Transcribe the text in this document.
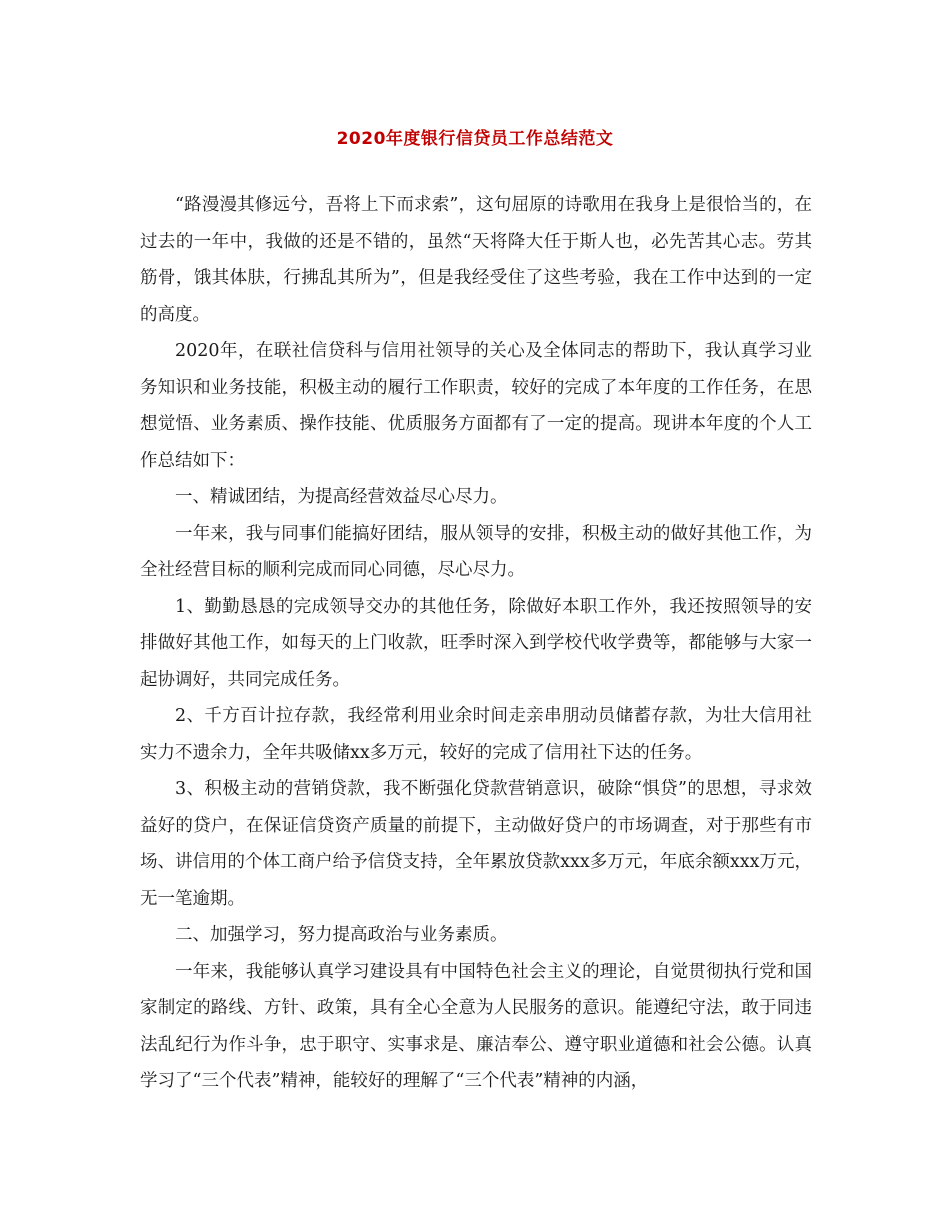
2020年度银行信贷员工作总结范文

“路漫漫其修远兮，吾将上下而求索”，这句屈原的诗歌用在我身上是很恰当的，在过去的一年中，我做的还是不错的，虽然“天将降大任于斯人也，必先苦其心志。劳其筋骨，饿其体肤，行拂乱其所为”，但是我经受住了这些考验，我在工作中达到的一定的高度。

2020年，在联社信贷科与信用社领导的关心及全体同志的帮助下，我认真学习业务知识和业务技能，积极主动的履行工作职责，较好的完成了本年度的工作任务，在思想觉悟、业务素质、操作技能、优质服务方面都有了一定的提高。现讲本年度的个人工作总结如下：

一、精诚团结，为提高经营效益尽心尽力。

一年来，我与同事们能搞好团结，服从领导的安排，积极主动的做好其他工作，为全社经营目标的顺利完成而同心同德，尽心尽力。

1、勤勤恳恳的完成领导交办的其他任务，除做好本职工作外，我还按照领导的安排做好其他工作，如每天的上门收款，旺季时深入到学校代收学费等，都能够与大家一起协调好，共同完成任务。

2、千方百计拉存款，我经常利用业余时间走亲串朋动员储蓄存款，为壮大信用社实力不遗余力，全年共吸储xx多万元，较好的完成了信用社下达的任务。

3、积极主动的营销贷款，我不断强化贷款营销意识，破除“惧贷”的思想，寻求效益好的贷户，在保证信贷资产质量的前提下，主动做好贷户的市场调查，对于那些有市场、讲信用的个体工商户给予信贷支持，全年累放贷款xxx多万元，年底余额xxx万元，无一笔逾期。

二、加强学习，努力提高政治与业务素质。

一年来，我能够认真学习建设具有中国特色社会主义的理论，自觉贯彻执行党和国家制定的路线、方针、政策，具有全心全意为人民服务的意识。能遵纪守法，敢于同违法乱纪行为作斗争，忠于职守、实事求是、廉洁奉公、遵守职业道德和社会公德。认真学习了“三个代表”精神，能较好的理解了“三个代表”精神的内涵，
